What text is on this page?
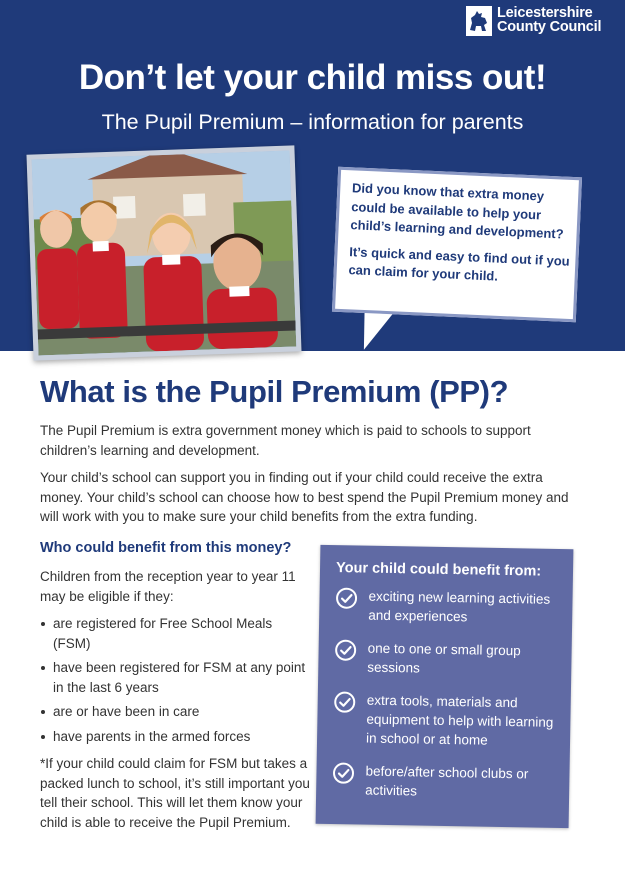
Leicestershire
County Council
Don’t let your child miss out!
The Pupil Premium – information for parents

Did you know that extra money could be available to help your child’s learning and development?

It’s quick and easy to find out if you can claim for your child.

What is the Pupil Premium (PP)?

The Pupil Premium is extra government money which is paid to schools to support children’s learning and development.

Your child’s school can support you in finding out if your child could receive the extra money. Your child’s school can choose how to best spend the Pupil Premium money and will work with you to make sure your child benefits from the extra funding.

Who could benefit from this money?

Children from the reception year to year 11 may be eligible if they:

are registered for Free School Meals (FSM)
have been registered for FSM at any point in the last 6 years
are or have been in care
have parents in the armed forces

*If your child could claim for FSM but takes a packed lunch to school, it’s still important you tell their school. This will let them know your child is able to receive the Pupil Premium.

Your child could benefit from:
exciting new learning activities and experiences
one to one or small group sessions
extra tools, materials and equipment to help with learning in school or at home
before/after school clubs or activities
